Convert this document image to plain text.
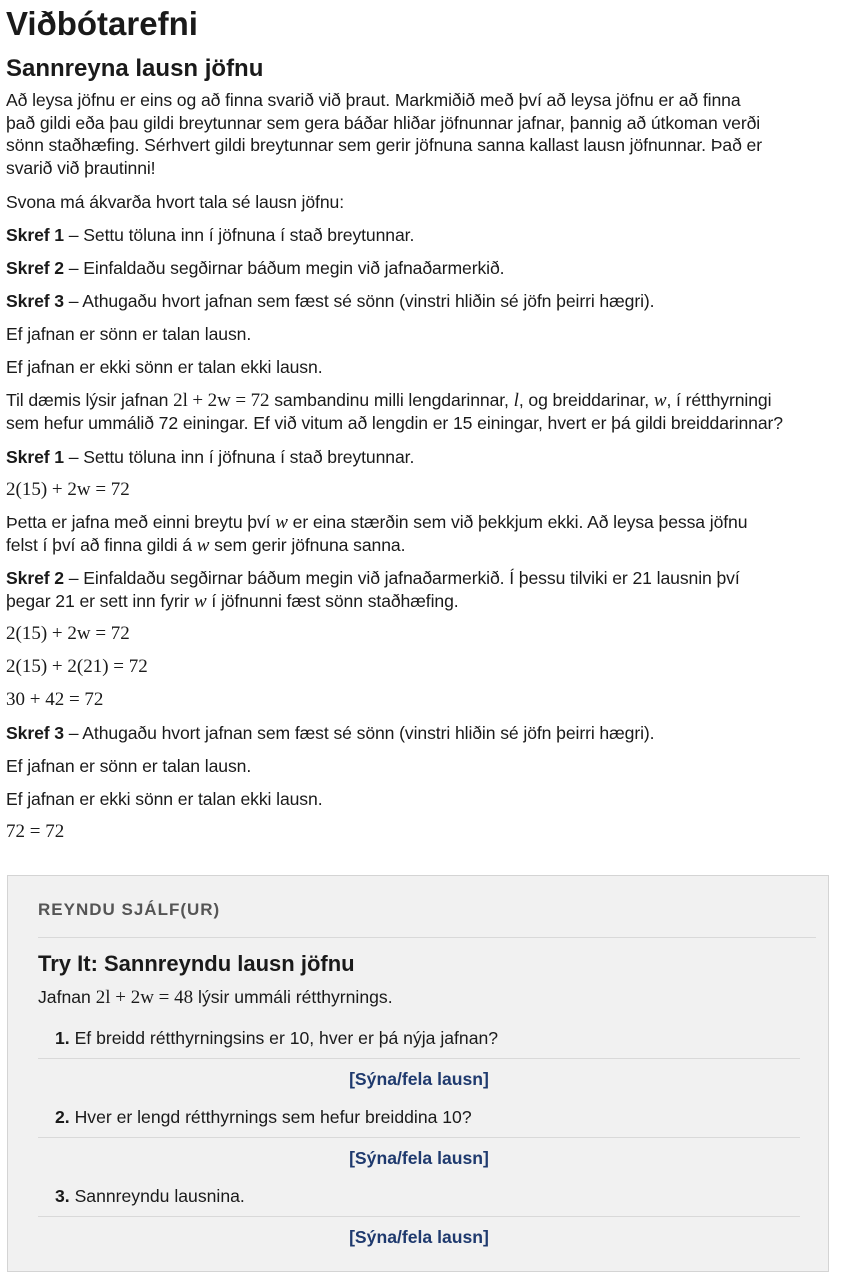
Viðbótarefni
Sannreyna lausn jöfnu

Að leysa jöfnu er eins og að finna svarið við þraut. Markmiðið með því að leysa jöfnu er að finna

það gildi eða þau gildi breytunnar sem gera báðar hliðar jöfnunnar jafnar, þannig að útkoman verði

sönn staðhæfing. Sérhvert gildi breytunnar sem gerir jöfnuna sanna kallast lausn jöfnunnar. Það er

svarið við þrautinni!

Svona má ákvarða hvort tala sé lausn jöfnu:

Skref 1 – Settu töluna inn í jöfnuna í stað breytunnar.

Skref 2 – Einfaldaðu segðirnar báðum megin við jafnaðarmerkið.

Skref 3 – Athugaðu hvort jafnan sem fæst sé sönn (vinstri hliðin sé jöfn þeirri hægri).

Ef jafnan er sönn er talan lausn.

Ef jafnan er ekki sönn er talan ekki lausn.

Til dæmis lýsir jafnan 2l + 2w = 72 sambandinu milli lengdarinnar, l, og breiddarinar, w, í rétthyrningi

sem hefur ummálið 72 einingar. Ef við vitum að lengdin er 15 einingar, hvert er þá gildi breiddarinnar?

Skref 1 – Settu töluna inn í jöfnuna í stað breytunnar.

2(15) + 2w = 72

Þetta er jafna með einni breytu því w er eina stærðin sem við þekkjum ekki. Að leysa þessa jöfnu

felst í því að finna gildi á w sem gerir jöfnuna sanna.

Skref 2 – Einfaldaðu segðirnar báðum megin við jafnaðarmerkið. Í þessu tilviki er 21 lausnin því

þegar 21 er sett inn fyrir w í jöfnunni fæst sönn staðhæfing.

2(15) + 2w = 72

2(15) + 2(21) = 72

30 + 42 = 72

Skref 3 – Athugaðu hvort jafnan sem fæst sé sönn (vinstri hliðin sé jöfn þeirri hægri).

Ef jafnan er sönn er talan lausn.

Ef jafnan er ekki sönn er talan ekki lausn.

72 = 72

REYNDU SJÁLF(UR)
Try It: Sannreyndu lausn jöfnu
Jafnan 2l + 2w = 48 lýsir ummáli rétthyrnings.
1. Ef breidd rétthyrningsins er 10, hver er þá nýja jafnan?
[Sýna/fela lausn]
2. Hver er lengd rétthyrnings sem hefur breiddina 10?
[Sýna/fela lausn]
3. Sannreyndu lausnina.
[Sýna/fela lausn]
